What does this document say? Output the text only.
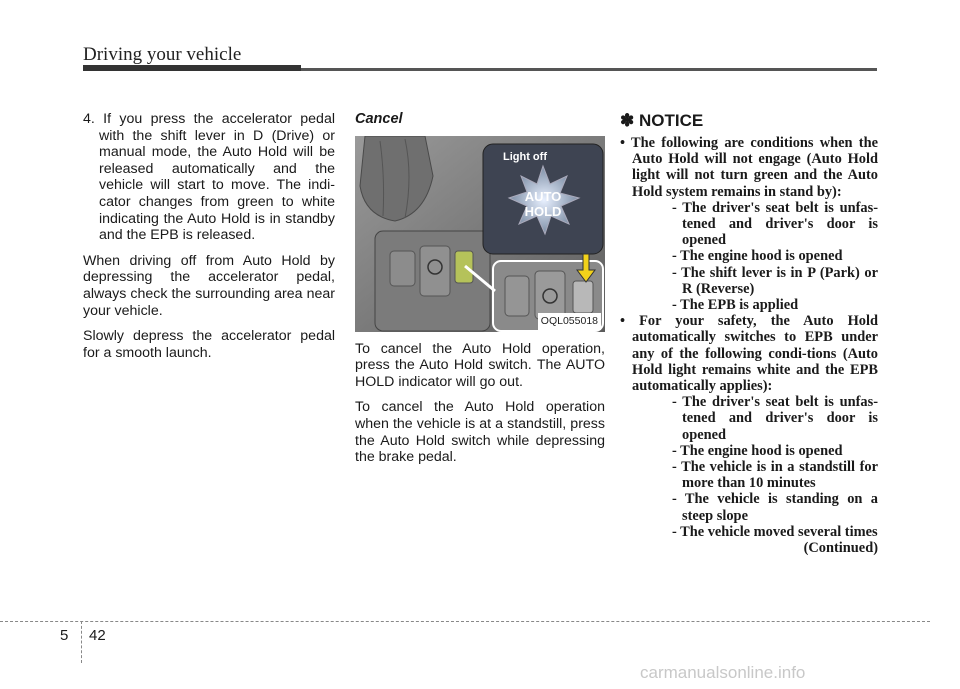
Driving your vehicle

4. If you press the accelerator pedal with the shift lever in D (Drive) or manual mode, the Auto Hold will be released automatically and the vehicle will start to move. The indi-cator changes from green to white indicating the Auto Hold is in standby and the EPB is released.

When driving off from Auto Hold by depressing the accelerator pedal, always check the surrounding area near your vehicle.

Slowly depress the accelerator pedal for a smooth launch.

Cancel

AUTO
HOLD
Light off
OQL055018

To cancel the Auto Hold operation, press the Auto Hold switch. The AUTO HOLD indicator will go out.

To cancel the Auto Hold operation when the vehicle is at a standstill, press the Auto Hold switch while depressing the brake pedal.

✽ NOTICE

• The following are conditions when the Auto Hold will not engage (Auto Hold light will not turn green and the Auto Hold system remains in stand by):

- The driver's seat belt is unfas-tened and driver's door is opened

- The engine hood is opened

- The shift lever is in P (Park) or R (Reverse)

- The EPB is applied

• For your safety, the Auto Hold automatically switches to EPB under any of the following condi-tions (Auto Hold light remains white and the EPB automatically applies):

- The driver's seat belt is unfas-tened and driver's door is opened

- The engine hood is opened

- The vehicle is in a standstill for more than 10 minutes

- The vehicle is standing on a steep slope

- The vehicle moved several times

(Continued)

5 42
carmanualsonline.info
